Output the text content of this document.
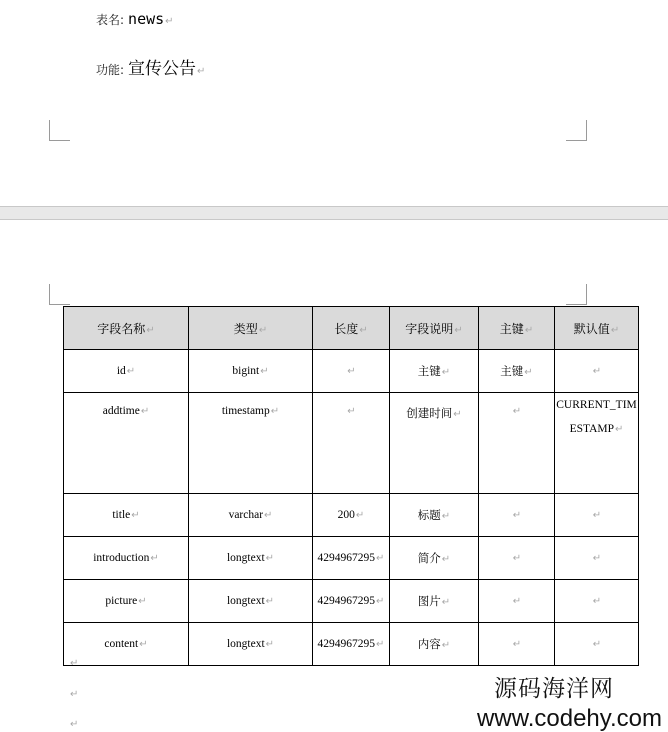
表名: news ↵
功能: 宣传公告 ↵
字段名称↵	类型↵	长度↵	字段说明↵	主键↵	默认值↵
id↵	bigint↵	↵	主键↵	主键↵	↵
addtime↵	timestamp↵	↵	创建时间↵	↵	CURRENT_TIMESTAMP↵
title↵	varchar↵	200↵	标题↵	↵	↵
introduction↵	longtext↵	4294967295↵	简介↵	↵	↵
picture↵	longtext↵	4294967295↵	图片↵	↵	↵
content↵	longtext↵	4294967295↵	内容↵	↵	↵
↵
↵
↵
源码海洋网
www.codehy.com
